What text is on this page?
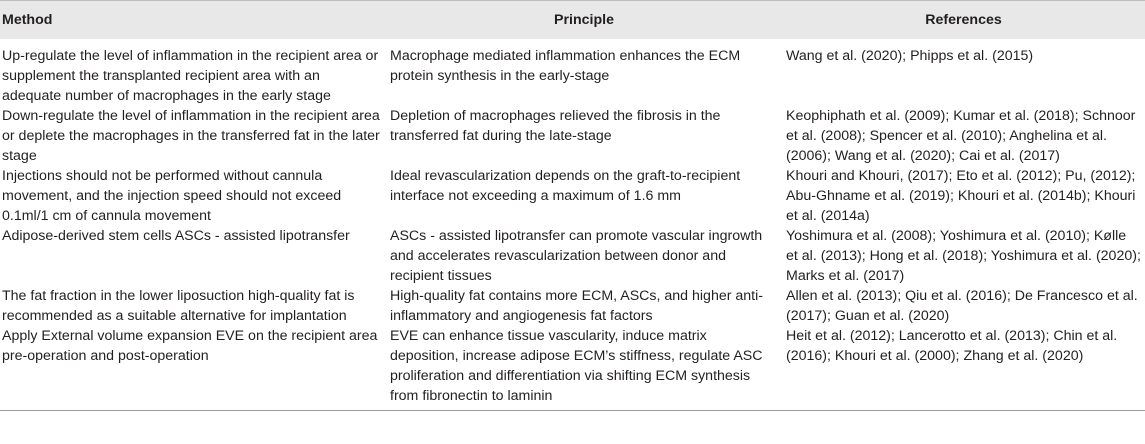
Method	Principle	References
Up-regulate the level of inflammation in the recipient area or supplement the transplanted recipient area with an adequate number of macrophages in the early stage	Macrophage mediated inflammation enhances the ECM protein synthesis in the early-stage	Wang et al. (2020); Phipps et al. (2015)
Down-regulate the level of inflammation in the recipient area or deplete the macrophages in the transferred fat in the later stage	Depletion of macrophages relieved the fibrosis in the transferred fat during the late-stage	Keophiphath et al. (2009); Kumar et al. (2018); Schnoor et al. (2008); Spencer et al. (2010); Anghelina et al. (2006); Wang et al. (2020); Cai et al. (2017)
Injections should not be performed without cannula movement, and the injection speed should not exceed 0.1ml/1 cm of cannula movement	Ideal revascularization depends on the graft-to-recipient interface not exceeding a maximum of 1.6 mm	Khouri and Khouri, (2017); Eto et al. (2012); Pu, (2012); Abu-Ghname et al. (2019); Khouri et al. (2014b); Khouri et al. (2014a)
Adipose-derived stem cells ASCs - assisted lipotransfer	ASCs - assisted lipotransfer can promote vascular ingrowth and accelerates revascularization between donor and recipient tissues	Yoshimura et al. (2008); Yoshimura et al. (2010); Kølle et al. (2013); Hong et al. (2018); Yoshimura et al. (2020); Marks et al. (2017)
The fat fraction in the lower liposuction high-quality fat is recommended as a suitable alternative for implantation	High-quality fat contains more ECM, ASCs, and higher anti-inflammatory and angiogenesis fat factors	Allen et al. (2013); Qiu et al. (2016); De Francesco et al. (2017); Guan et al. (2020)
Apply External volume expansion EVE on the recipient area pre-operation and post-operation	EVE can enhance tissue vascularity, induce matrix deposition, increase adipose ECM’s stiffness, regulate ASC proliferation and differentiation via shifting ECM synthesis from fibronectin to laminin	Heit et al. (2012); Lancerotto et al. (2013); Chin et al. (2016); Khouri et al. (2000); Zhang et al. (2020)
